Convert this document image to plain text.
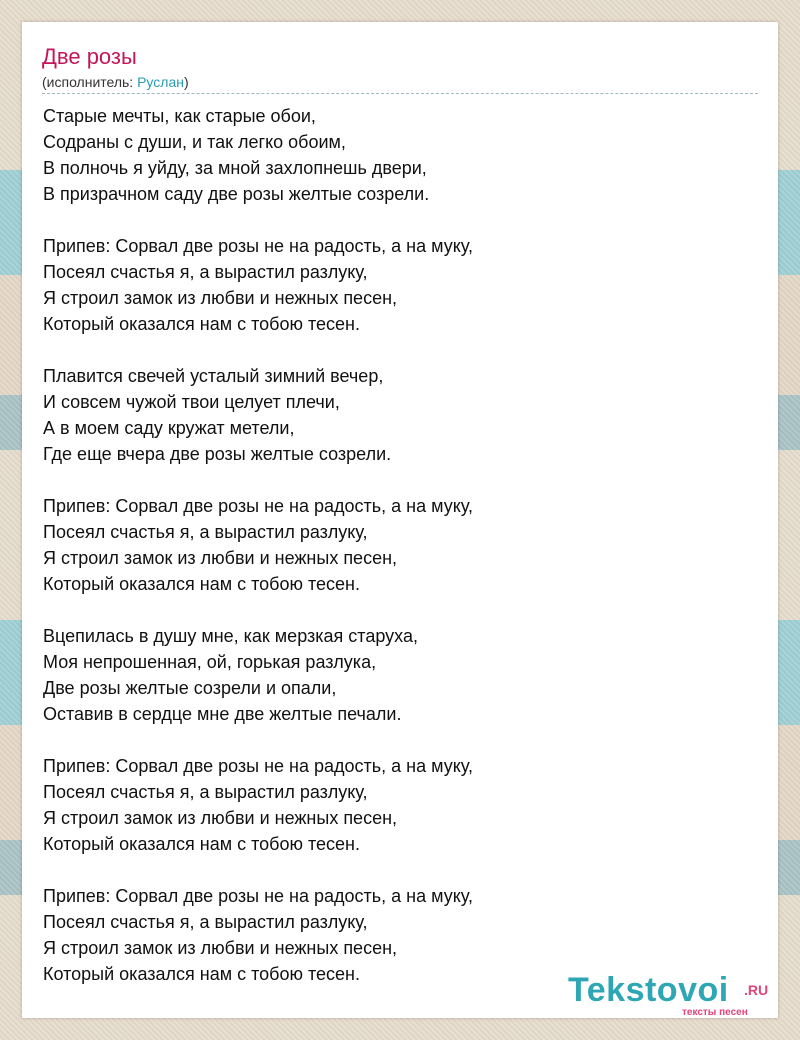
Две розы
(исполнитель: Руслан)
Старые мечты, как старые обои,
Содраны с души, и так легко обоим,
В полночь я уйду, за мной захлопнешь двери,
В призрачном саду две розы желтые созрели.
Припев: Сорвал две розы не на радость, а на муку,
Посеял счастья я, а вырастил разлуку,
Я строил замок из любви и нежных песен,
Который оказался нам с тобою тесен.
Плавится свечей усталый зимний вечер,
И совсем чужой твои целует плечи,
А в моем саду кружат метели,
Где еще вчера две розы желтые созрели.
Припев: Сорвал две розы не на радость, а на муку,
Посеял счастья я, а вырастил разлуку,
Я строил замок из любви и нежных песен,
Который оказался нам с тобою тесен.
Вцепилась в душу мне, как мерзкая старуха,
Моя непрошенная, ой, горькая разлука,
Две розы желтые созрели и опали,
Оставив в сердце мне две желтые печали.
Припев: Сорвал две розы не на радость, а на муку,
Посеял счастья я, а вырастил разлуку,
Я строил замок из любви и нежных песен,
Который оказался нам с тобою тесен.
Припев: Сорвал две розы не на радость, а на муку,
Посеял счастья я, а вырастил разлуку,
Я строил замок из любви и нежных песен,
Который оказался нам с тобою тесен.	Tekstovoi .RU
тексты песен
